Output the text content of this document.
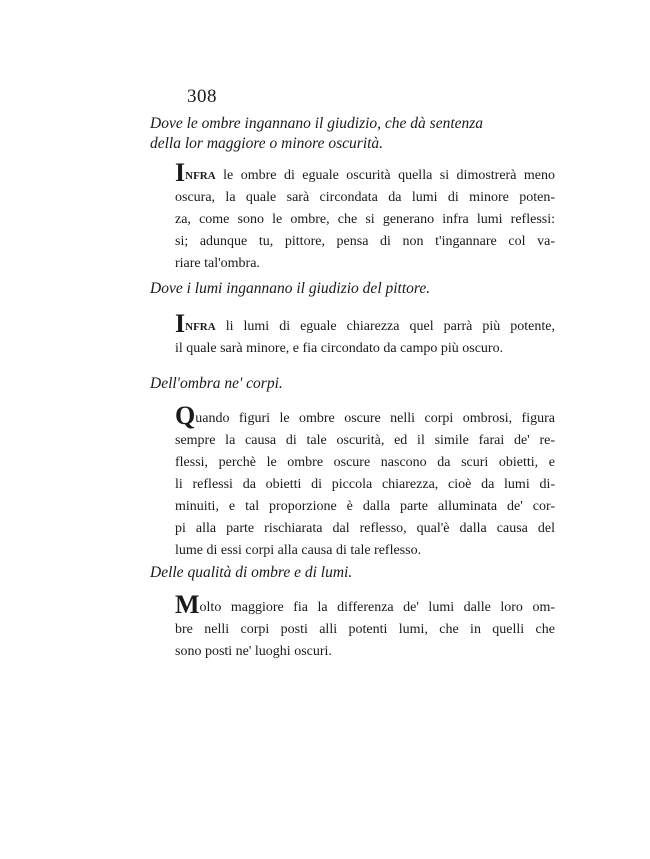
308
Dove le ombre ingannano il giudizio, che dà sentenza
della lor maggiore o minore oscurità.
INFRA le ombre di eguale oscurità quella si dimostrerà meno
oscura, la quale sarà circondata da lumi di minore poten-
za, come sono le ombre, che si generano infra lumi reflessi:
si; adunque tu, pittore, pensa di non t'ingannare col va-
riare tal'ombra.
Dove i lumi ingannano il giudizio del pittore.
INFRA li lumi di eguale chiarezza quel parrà più potente,
il quale sarà minore, e fia circondato da campo più oscuro.
Dell'ombra ne' corpi.
Quando figuri le ombre oscure nelli corpi ombrosi, figura
sempre la causa di tale oscurità, ed il simile farai de' re-
flessi, perchè le ombre oscure nascono da scuri obietti, e
li reflessi da obietti di piccola chiarezza, cioè da lumi di-
minuiti, e tal proporzione è dalla parte alluminata de' cor-
pi alla parte rischiarata dal reflesso, qual'è dalla causa del
lume di essi corpi alla causa di tale reflesso.
Delle qualità di ombre e di lumi.
Molto maggiore fia la differenza de' lumi dalle loro om-
bre nelli corpi posti alli potenti lumi, che in quelli che
sono posti ne' luoghi oscuri.
